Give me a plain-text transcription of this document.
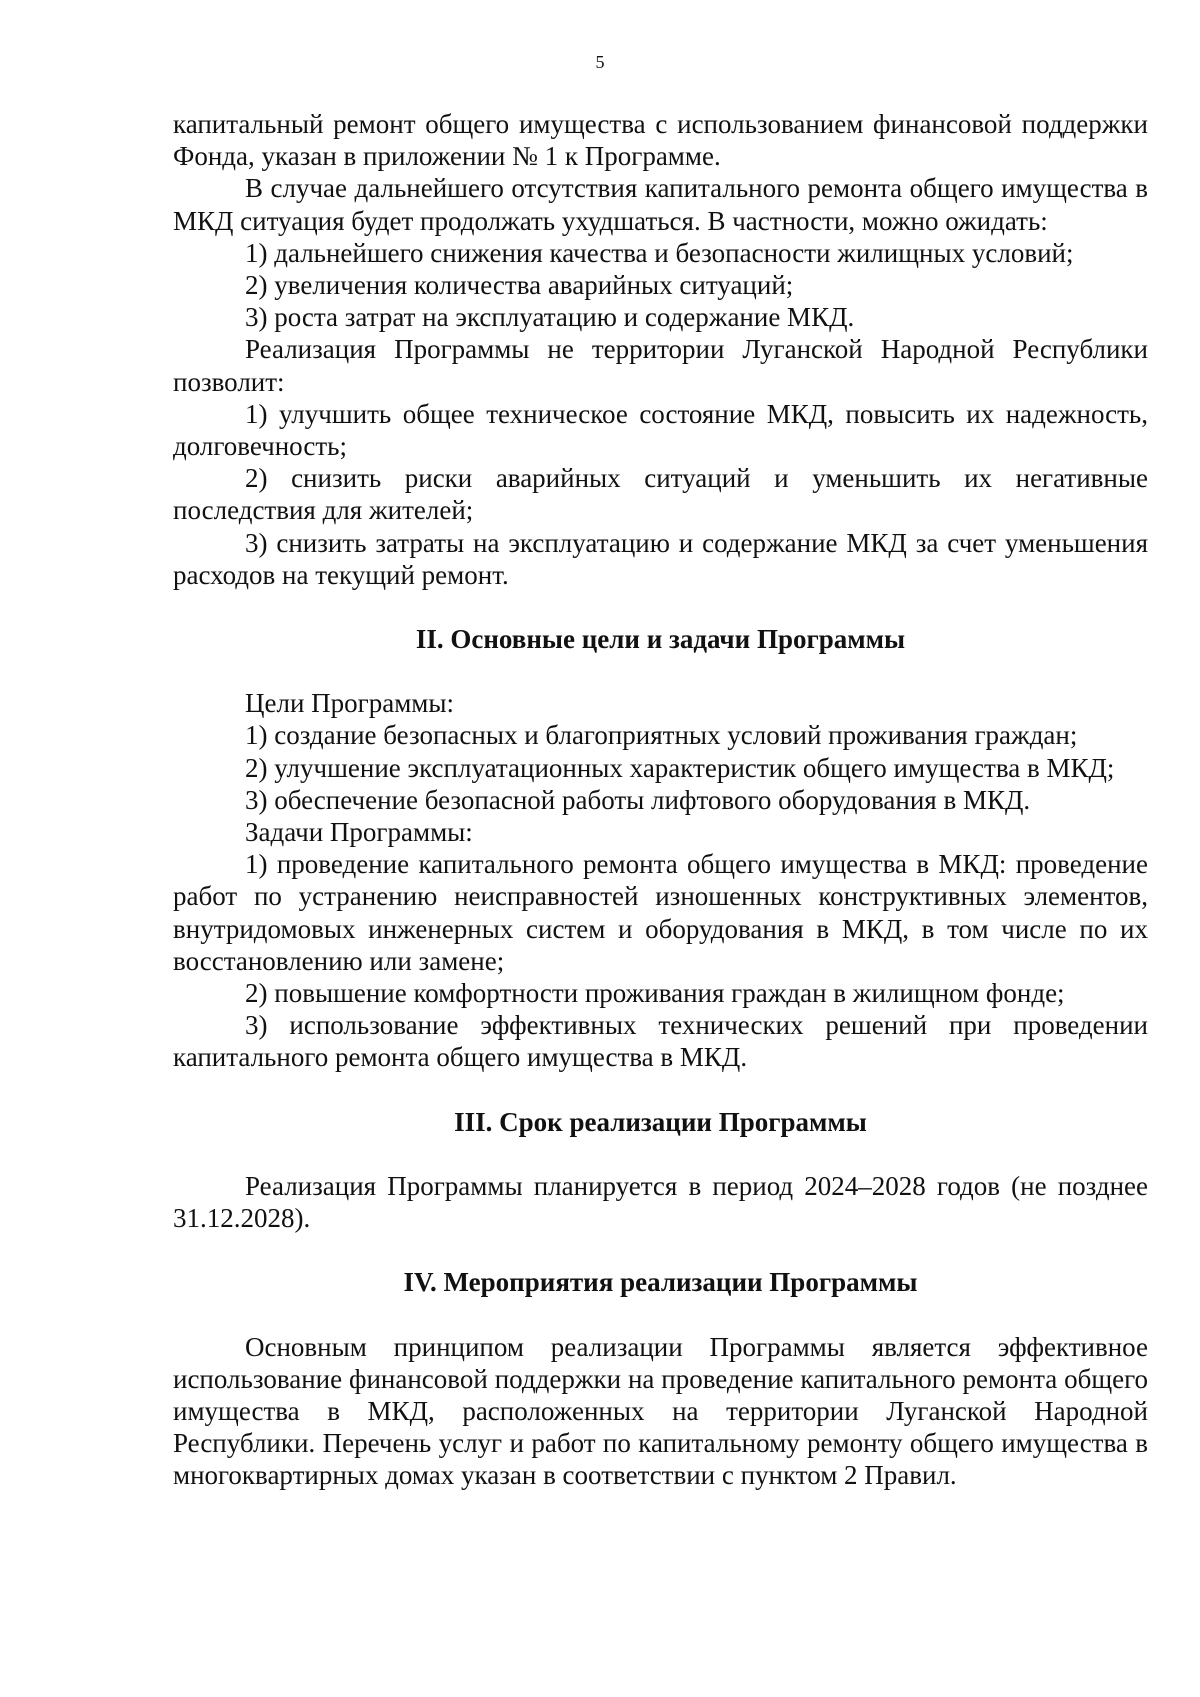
5

капитальный ремонт общего имущества с использованием финансовой поддержки Фонда, указан в приложении № 1 к Программе.

В случае дальнейшего отсутствия капитального ремонта общего имущества в МКД ситуация будет продолжать ухудшаться. В частности, можно ожидать:

1) дальнейшего снижения качества и безопасности жилищных условий;

2) увеличения количества аварийных ситуаций;

3) роста затрат на эксплуатацию и содержание МКД.

Реализация Программы не территории Луганской Народной Республики позволит:

1) улучшить общее техническое состояние МКД, повысить их надежность, долговечность;

2) снизить риски аварийных ситуаций и уменьшить их негативные последствия для жителей;

3) снизить затраты на эксплуатацию и содержание МКД за счет уменьшения расходов на текущий ремонт.

II. Основные цели и задачи Программы

Цели Программы:

1) создание безопасных и благоприятных условий проживания граждан;

2) улучшение эксплуатационных характеристик общего имущества в МКД;

3) обеспечение безопасной работы лифтового оборудования в МКД.

Задачи Программы:

1) проведение капитального ремонта общего имущества в МКД: проведение работ по устранению неисправностей изношенных конструктивных элементов, внутридомовых инженерных систем и оборудования в МКД, в том числе по их восстановлению или замене;

2) повышение комфортности проживания граждан в жилищном фонде;

3) использование эффективных технических решений при проведении капитального ремонта общего имущества в МКД.

III. Срок реализации Программы

Реализация Программы планируется в период 2024–2028 годов (не позднее 31.12.2028).

IV. Мероприятия реализации Программы

Основным принципом реализации Программы является эффективное использование финансовой поддержки на проведение капитального ремонта общего имущества в МКД, расположенных на территории Луганской Народной Республики. Перечень услуг и работ по капитальному ремонту общего имущества в многоквартирных домах указан в соответствии с пунктом 2 Правил.
